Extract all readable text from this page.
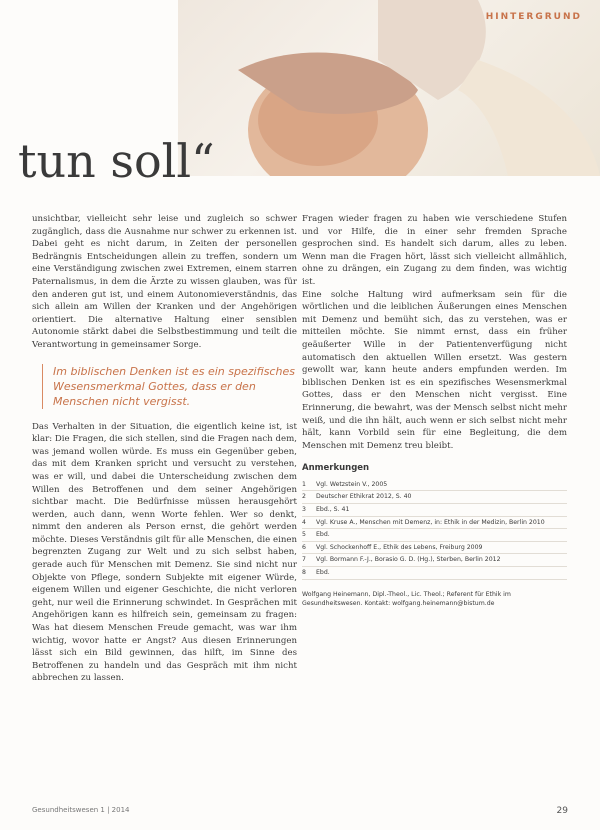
HINTERGRUND
tun soll“

unsichtbar, vielleicht sehr leise und zugleich so schwer zugänglich, dass die Ausnahme nur schwer zu erkennen ist. Dabei geht es nicht darum, in Zeiten der personellen Bedrängnis Entscheidungen allein zu treffen, sondern um eine Verständigung zwischen zwei Extremen, einem starren Paternalismus, in dem die Ärzte zu wissen glauben, was für den anderen gut ist, und einem Autonomieverständnis, das sich allein am Willen der Kranken und der Angehörigen orientiert. Die alternative Haltung einer sensiblen Autonomie stärkt dabei die Selbstbestimmung und teilt die Verantwortung in gemeinsamer Sorge.

Im biblischen Denken ist es ein spezifisches Wesensmerkmal Gottes, dass er den Menschen nicht vergisst.

Das Verhalten in der Situation, die eigentlich keine ist, ist klar: Die Fragen, die sich stellen, sind die Fragen nach dem, was jemand wollen würde. Es muss ein Gegenüber geben, das mit dem Kranken spricht und versucht zu verstehen, was er will, und dabei die Unterscheidung zwischen dem Willen des Betroffenen und dem seiner Angehörigen sichtbar macht. Die Bedürfnisse müssen herausgehört werden, auch dann, wenn Worte fehlen. Wer so denkt, nimmt den anderen als Person ernst, die gehört werden möchte. Dieses Verständnis gilt für alle Menschen, die einen begrenzten Zugang zur Welt und zu sich selbst haben, gerade auch für Menschen mit Demenz. Sie sind nicht nur Objekte von Pflege, sondern Subjekte mit eigener Würde, eigenem Willen und eigener Geschichte, die nicht verloren geht, nur weil die Erinnerung schwindet. In Gesprächen mit Angehörigen kann es hilfreich sein, gemeinsam zu fragen: Was hat diesem Menschen Freude gemacht, was war ihm wichtig, wovor hatte er Angst? Aus diesen Erinnerungen lässt sich ein Bild gewinnen, das hilft, im Sinne des Betroffenen zu handeln und das Gespräch mit ihm nicht abbrechen zu lassen.

Fragen wieder fragen zu haben wie verschiedene Stufen und vor Hilfe, die in einer sehr fremden Sprache gesprochen sind. Es handelt sich darum, alles zu leben. Wenn man die Fragen hört, lässt sich vielleicht allmählich, ohne zu drängen, ein Zugang zu dem finden, was wichtig ist.

Eine solche Haltung wird aufmerksam sein für die wörtlichen und die leiblichen Äußerungen eines Menschen mit Demenz und bemüht sich, das zu verstehen, was er mitteilen möchte. Sie nimmt ernst, dass ein früher geäußerter Wille in der Patientenverfügung nicht automatisch den aktuellen Willen ersetzt. Was gestern gewollt war, kann heute anders empfunden werden. Im biblischen Denken ist es ein spezifisches Wesensmerkmal Gottes, dass er den Menschen nicht vergisst. Eine Erinnerung, die bewahrt, was der Mensch selbst nicht mehr weiß, und die ihn hält, auch wenn er sich selbst nicht mehr hält, kann Vorbild sein für eine Begleitung, die dem Menschen mit Demenz treu bleibt.

Anmerkungen
1	Vgl. Wetzstein V., 2005
2	Deutscher Ethikrat 2012, S. 40
3	Ebd., S. 41
4	Vgl. Kruse A., Menschen mit Demenz, in: Ethik in der Medizin, Berlin 2010
5	Ebd.
6	Vgl. Schockenhoff E., Ethik des Lebens, Freiburg 2009
7	Vgl. Bormann F.-J., Borasio G. D. (Hg.), Sterben, Berlin 2012
8	Ebd.
Wolfgang Heinemann, Dipl.-Theol., Lic. Theol.; Referent für Ethik im Gesundheitswesen. Kontakt: wolfgang.heinemann@bistum.de
Gesundheitswesen 1 | 2014	29
